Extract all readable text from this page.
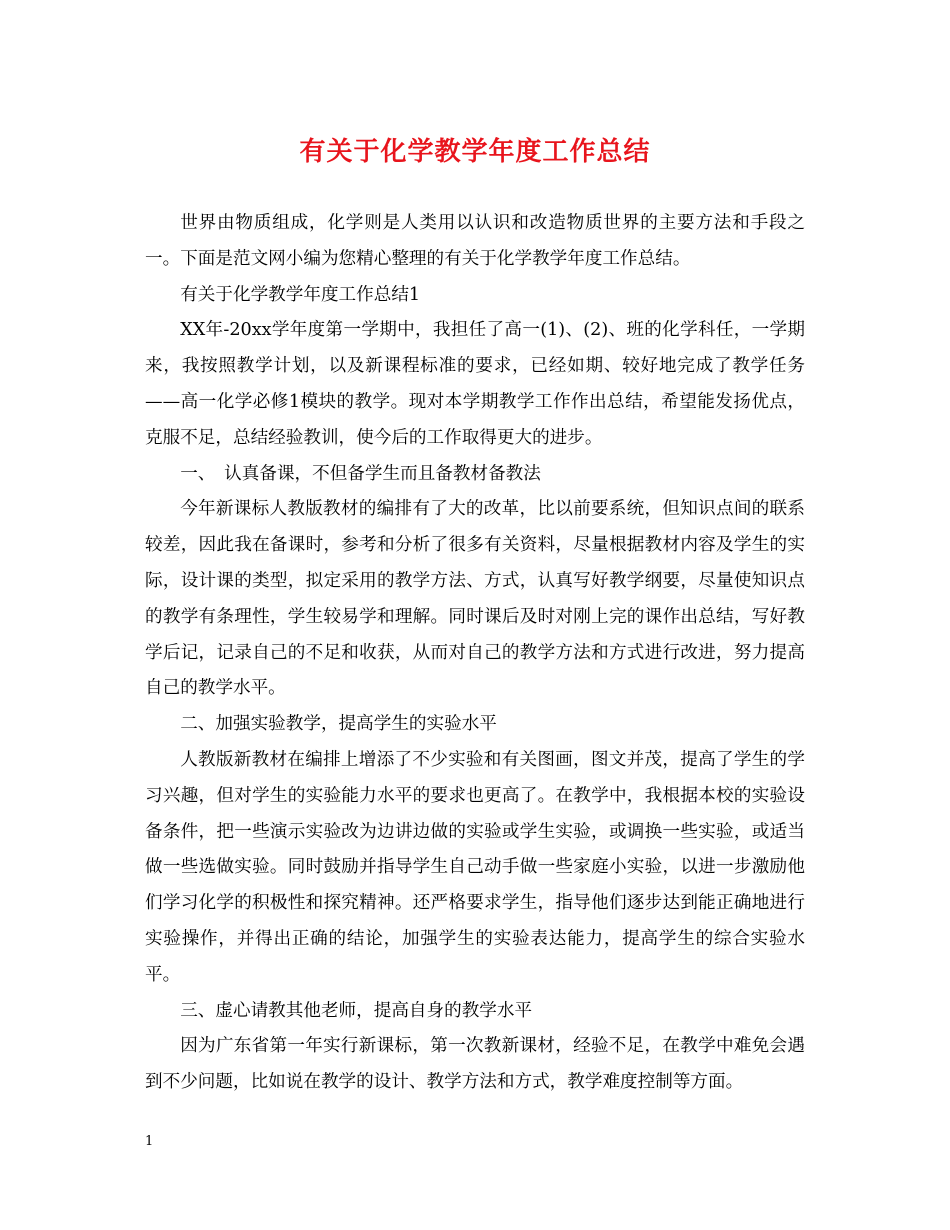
有关于化学教学年度工作总结

世界由物质组成，化学则是人类用以认识和改造物质世界的主要方法和手段之一。下面是范文网小编为您精心整理的有关于化学教学年度工作总结。

有关于化学教学年度工作总结1

XX年-20xx学年度第一学期中，我担任了高一(1)、(2)、班的化学科任，一学期来，我按照教学计划，以及新课程标准的要求，已经如期、较好地完成了教学任务——高一化学必修1模块的教学。现对本学期教学工作作出总结，希望能发扬优点，克服不足，总结经验教训，使今后的工作取得更大的进步。

一、　认真备课，不但备学生而且备教材备教法

今年新课标人教版教材的编排有了大的改革，比以前要系统，但知识点间的联系较差，因此我在备课时，参考和分析了很多有关资料，尽量根据教材内容及学生的实际，设计课的类型，拟定采用的教学方法、方式，认真写好教学纲要，尽量使知识点的教学有条理性，学生较易学和理解。同时课后及时对刚上完的课作出总结，写好教学后记，记录自己的不足和收获，从而对自己的教学方法和方式进行改进，努力提高自己的教学水平。

二、加强实验教学，提高学生的实验水平

人教版新教材在编排上增添了不少实验和有关图画，图文并茂，提高了学生的学习兴趣，但对学生的实验能力水平的要求也更高了。在教学中，我根据本校的实验设备条件，把一些演示实验改为边讲边做的实验或学生实验，或调换一些实验，或适当做一些选做实验。同时鼓励并指导学生自己动手做一些家庭小实验，以进一步激励他们学习化学的积极性和探究精神。还严格要求学生，指导他们逐步达到能正确地进行实验操作，并得出正确的结论，加强学生的实验表达能力，提高学生的综合实验水平。

三、虚心请教其他老师，提高自身的教学水平

因为广东省第一年实行新课标，第一次教新课材，经验不足，在教学中难免会遇到不少问题，比如说在教学的设计、教学方法和方式，教学难度控制等方面。

1
